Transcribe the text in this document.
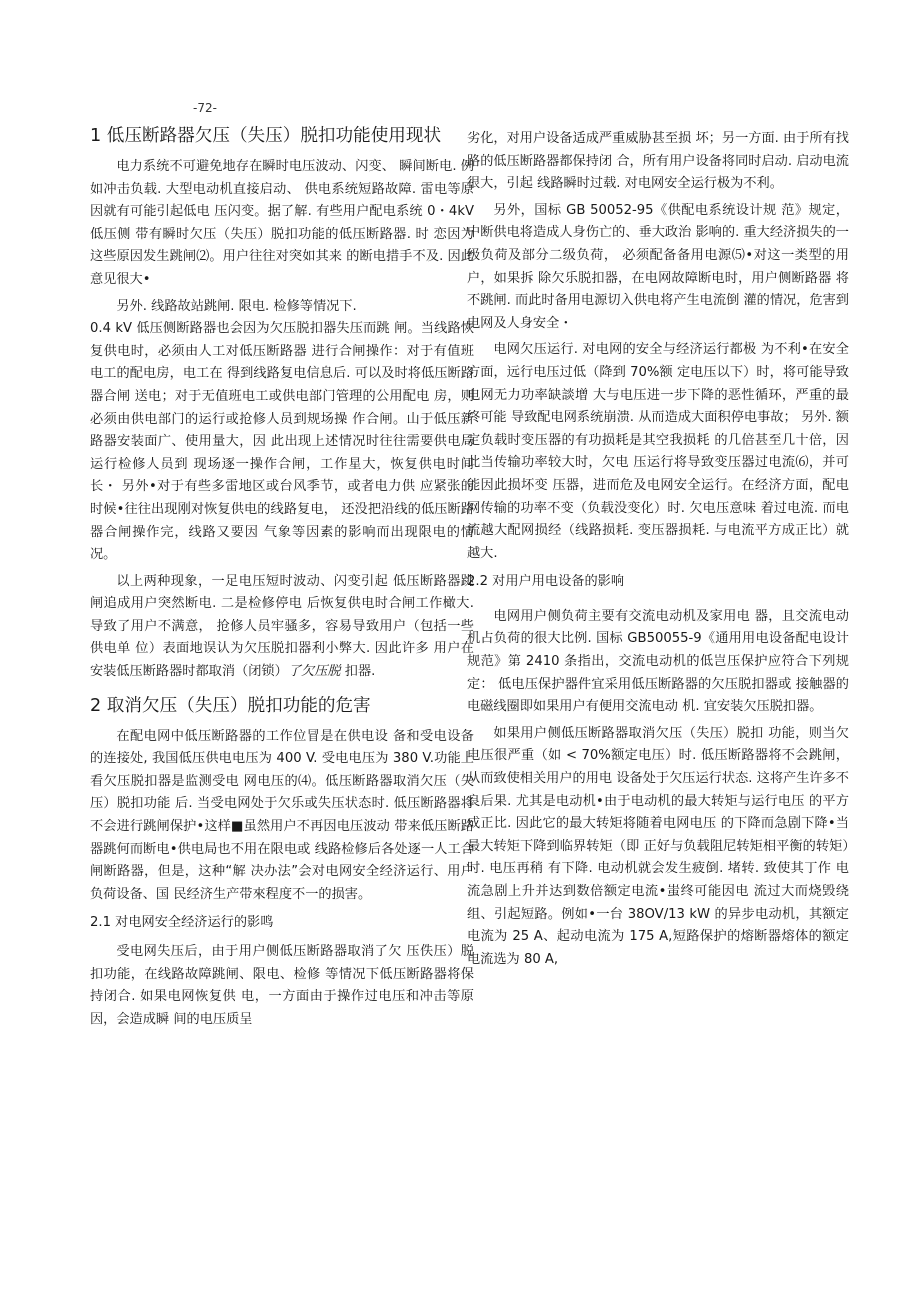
-72-
1 低压断路器欠压（失压）脱扣功能使用现状

电力系统不可避免地存在瞬时电压波动、闪变、 瞬间断电. 例如冲击负载. 大型电动机直接启动、 供电系统短路故障. 雷电等原因就有可能引起低电 压闪变。据了解. 有些用户配电系统 0・4kV 低压侧 带有瞬时欠压（失压）脱扣功能的低压断路器. 时 恋因为这些原因发生跳闸⑵。用户往往对突如其来 的断电措手不及. 因此意见很大•

另外. 线路故站跳闸. 限电. 检修等情况下.

0.4 kV 低压侧断路器也会因为欠压脱扣器失压而跳 闸。当线路恢复供电时，必须由人工对低压断路器 进行合闸操作：对于有值班电工的配电房，电工在 得到线路复电信息后. 可以及时将低压断路器合闸 送电；对于无值班电工或供电部门管理的公用配电 房，则必须由供电部门的运行或抢修人员到规场操 作合闸。山于低压新路器安装面广、使用量大，因 此出现上述情况时往往需要供电局运行检修人员到 现场逐一操作合闸，工作星大，恢复供电时间长・ 另外•对于有些多雷地区或台风季节，或者电力供 应紧张的时候•往往出现刚对恢复供电的线路复电， 还没把沿线的低压断路器合闸操作完，线路又要因 气象等因素的影响而出现限电的情况。

以上两种现象，一足电压短时波动、闪变引起 低压断路器跳闸追成用户突然断电. 二是检修停电 后恢复供电时合闸工作橄大. 导致了用户不满意， 抢修人员牢骚多，容易导致用户（包括一些供电单 位）表面地误认为欠压脱扣器利小弊大. 因此许多 用户在安装低压断路器时都取消（闭锁）了欠压脱 扣器.

2 取消欠压（失压）脱扣功能的危害

在配电网中低压断路器的工作位冒是在供电设 备和受电设备的连接处, 我国低压供电电压为 400 V. 受电电压为 380 V.功能上看欠压脱扣器是监测受电 网电压的⑷。低压断路器取消欠压（失压）脱扣功能 后. 当受电网处于欠乐或失压状态时. 低压断路器将 不会进行跳闸保护•这样■虽然用户不再因电压波动 带来低压断路器跳何而断电•供电局也不用在限电或 线路检修后各处逐一人工合闸断路器，但是，这种“解 决办法”会对电网安全经济运行、用户负荷设备、国 民经济生产带來程度不一的损害。

2.1 对电网安全经济运行的影鸣

受电网失压后，由于用户侧低压断路器取消了欠 压佚压）脱扣功能，在线路故障跳闸、限电、检修 等情况下低压断路器将保持闭合. 如果电网恢复供 电，一方面由于操作过电压和冲击等原因，会造成瞬 间的电压质呈

劣化，对用户设备适成严重威胁甚至损 坏；另一方面. 由于所有找路的低压断路器都保持闭 合，所有用户设备将同时启动. 启动电流很大，引起 线路瞬时过载. 对电网安全运行极为不利。

另外，国标 GB 50052-95《供配电系统设计规 范》规定，中断供电将造成人身伤亡的、垂大政治 影响的. 重大经济损失的一级负荷及部分二级负荷， 必须配备备用电源⑸•对这一类型的用户，如果拆 除欠乐脱扣器，在电网故障断电时，用户侧断路器 将不跳闸. 而此时备用电源切入供电将产生电流倒 灌的情况，危害到电网及人身安全・

电网欠压运行. 对电网的安全与经济运行都极 为不利•在安全方面，远行电压过低（降到 70%额 定电压以下）时，将可能导致电网无力功率缺談增 大与电压进一步下降的恶性循环，严重的最终可能 导致配电网系统崩溃. 从而造成大面积停电事故； 另外. 额定负载时变压器的有功损耗是其空我损耗 的几倍甚至几十倍，因此当传输功率较大时，欠电 压运行将导致变压器过电流⑹，并可能因此损坏变 压器，进而危及电网安全运行。在经济方面，配电 网传输的功率不变（负载没变化）时. 欠电压意味 着过电流. 而电流越大配网损经（线路损耗. 变压器损耗. 与电流平方成正比）就越大.

2.2 对用户用电设备的影响

电网用户侧负荷主要有交流电动机及家用电 器，且交流电动机占负荷的很大比例. 国标 GB50055-9《通用用电设备配电设计规范》第 2410 条指出，交流电动机的低岂压保护应符合下列规定： 低电压保护器件宜采用低压断路器的欠压脱扣器或 接触器的电磁线圈即如果用户有便用交流电动 机. 宜安装欠压脱扣器。

如果用户侧低压断路器取消欠压（失压）脱扣 功能，则当欠电压很严重（如 < 70%额定电压）时. 低压断路器将不会跳闸，从而致使相关用户的用电 设备处于欠压运行状态. 这将产生许多不良后果. 尤其是电动机•由于电动机的最大转矩与运行电压 的平方成正比. 因此它的最大转矩将随着电网电压 的下降而急剧下降•当最大转矩下降到临界转矩（即 正好与负载阻尼转矩相平衡的转矩）时. 电压再稍 有下降. 电动机就会发生疲倒. 堵转. 致使其丁作 电流急剧上升并达到数倍额定电流•蚩终可能因电 流过大而烧毁绕组、引起短路。例如•一台 38OV/13 kW 的异步电动机，其额定电流为 25 A、起动电流为 175 A,短路保护的熔断器熔体的额定电流选为 80 A,
